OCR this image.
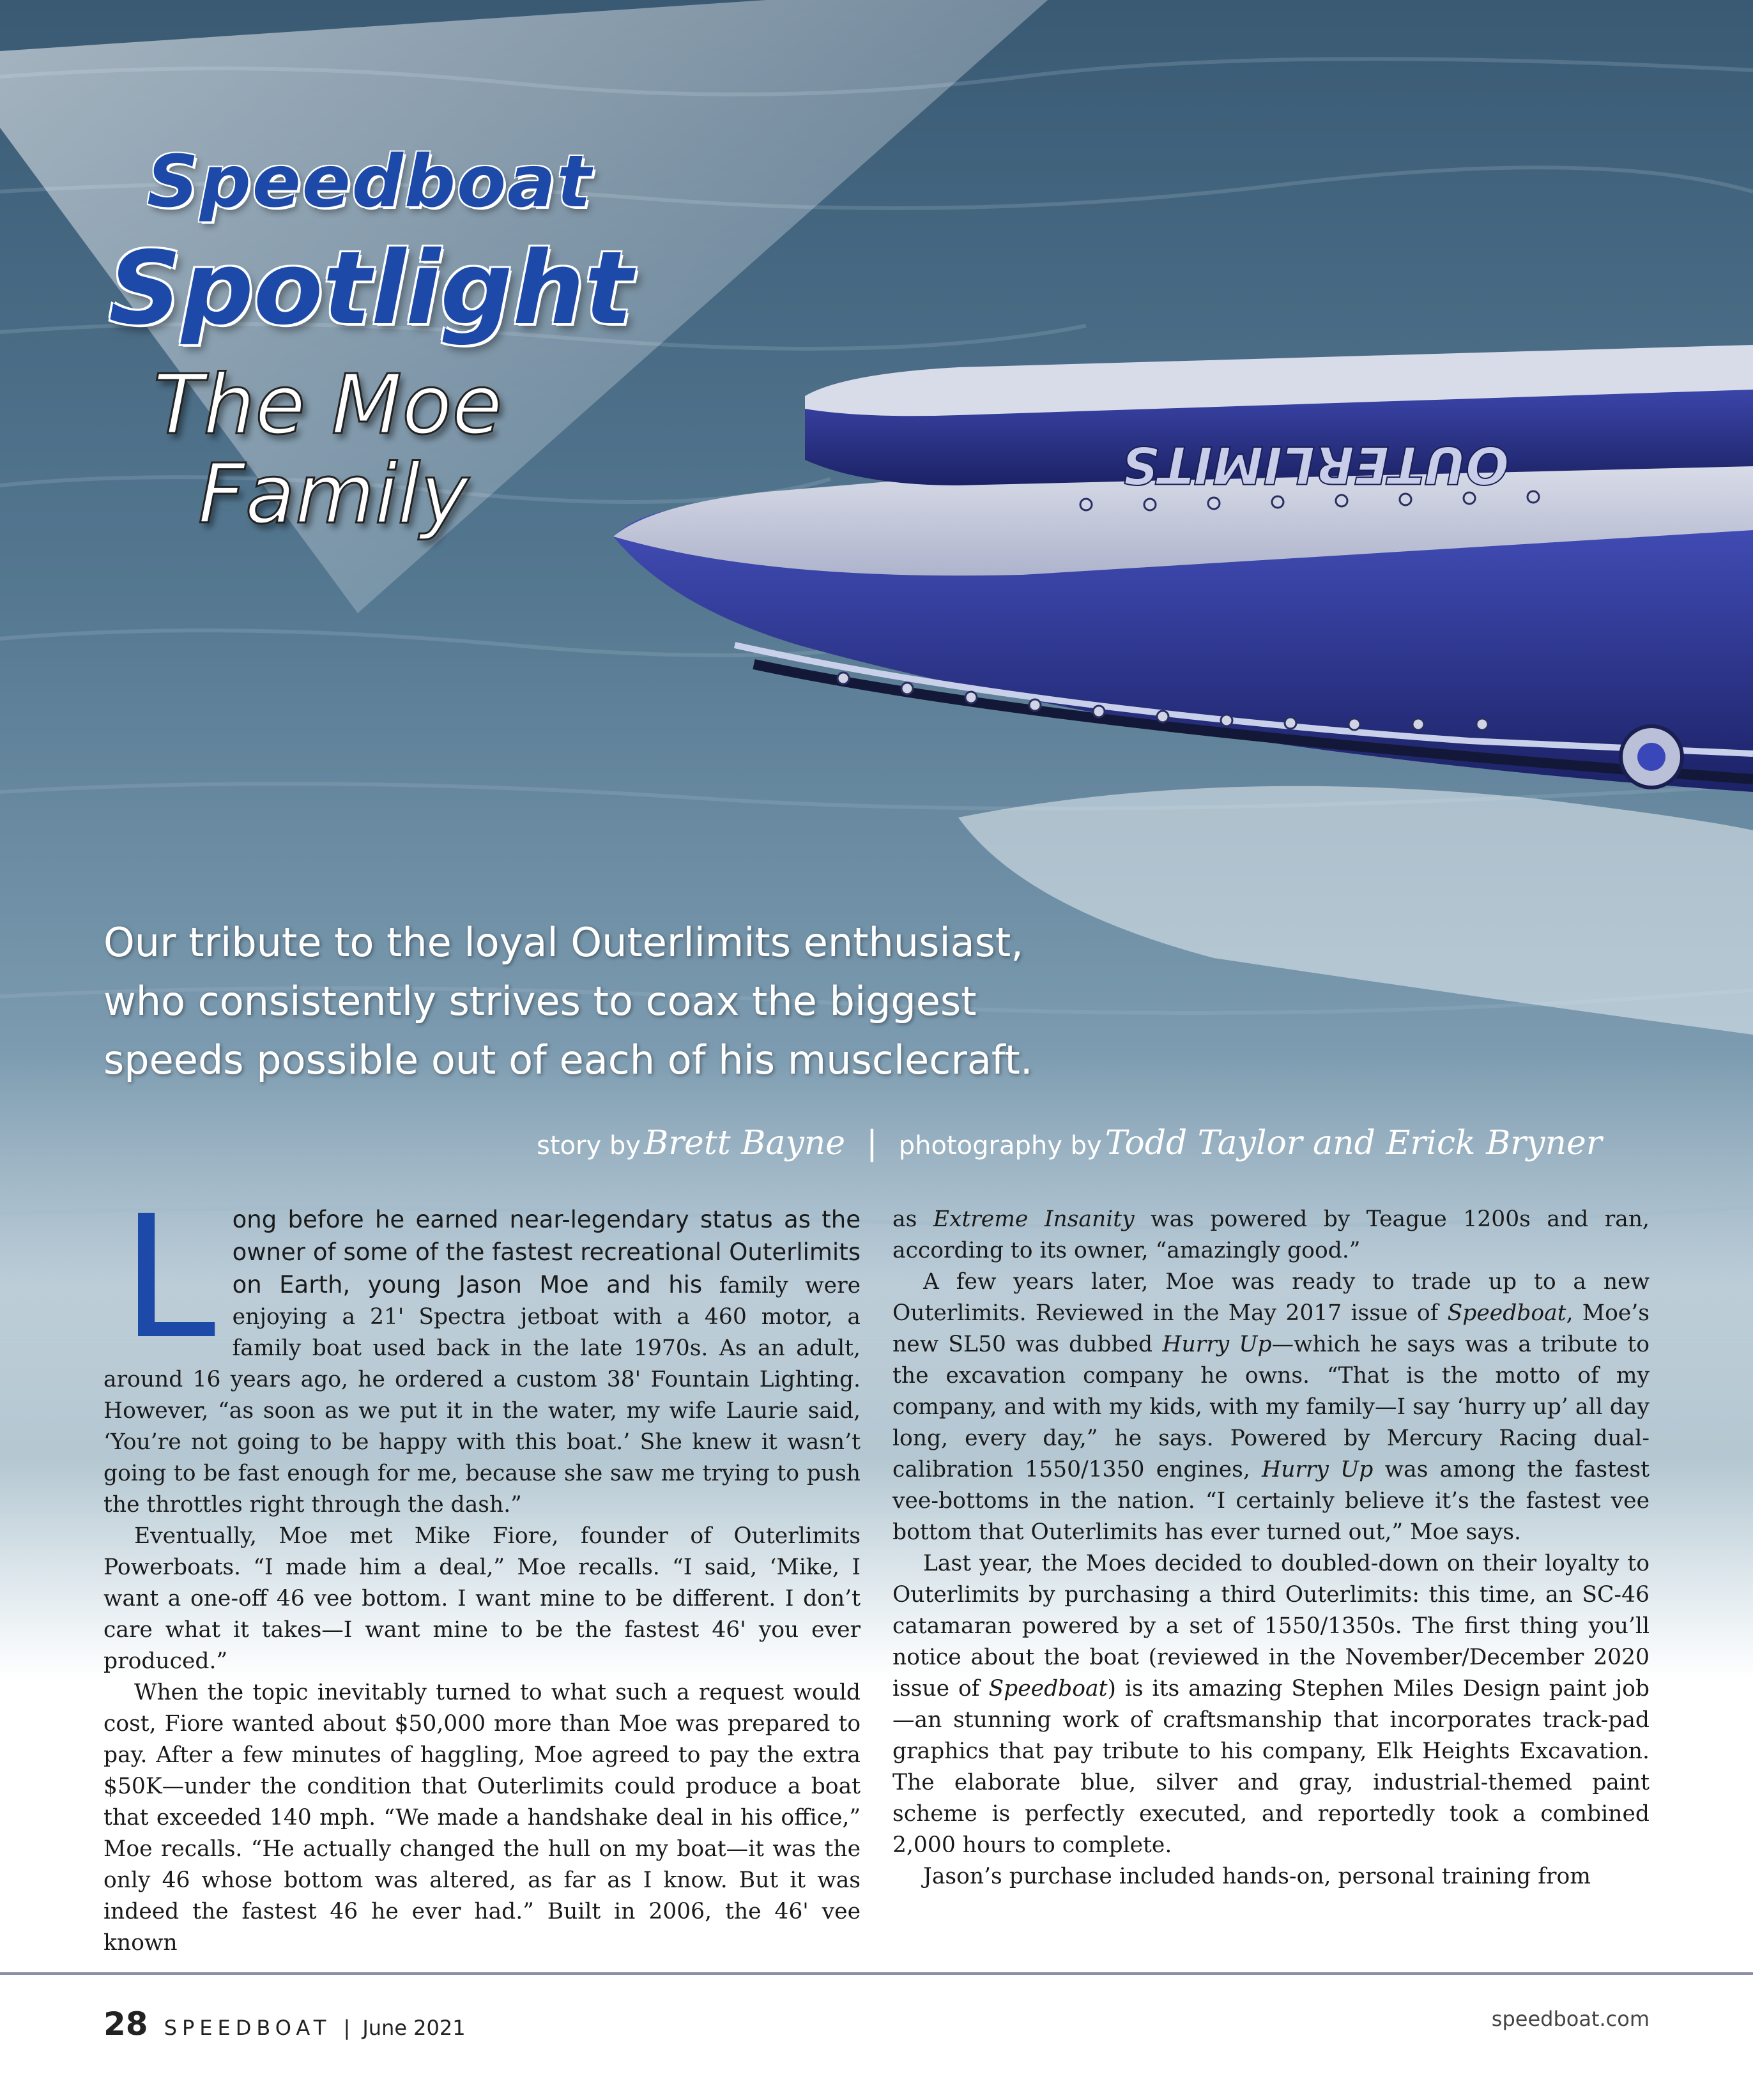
OUTERLIMITS
Speedboat
Spotlight
The Moe
Family
Our tribute to the loyal Outerlimits enthusiast,
who consistently strives to coax the biggest
speeds possible out of each of his musclecraft.
story by Brett Bayne | photography by Todd Taylor and Erick Bryner

Long before he earned near-legendary status as the owner of some of the fastest recreational Outerlimits on Earth, young Jason Moe and his family were enjoying a 21' Spectra jetboat with a 460 motor, a family boat used back in the late 1970s. As an adult, around 16 years ago, he ordered a custom 38' Fountain Lighting. However, “as soon as we put it in the water, my wife Laurie said, ‘You’re not going to be happy with this boat.’ She knew it wasn’t going to be fast enough for me, because she saw me trying to push the throttles right through the dash.”

Eventually, Moe met Mike Fiore, founder of Outerlimits Powerboats. “I made him a deal,” Moe recalls. “I said, ‘Mike, I want a one-off 46 vee bottom. I want mine to be different. I don’t care what it takes—I want mine to be the fastest 46' you ever produced.”

When the topic inevitably turned to what such a request would cost, Fiore wanted about $50,000 more than Moe was prepared to pay. After a few minutes of haggling, Moe agreed to pay the extra $50K—under the condition that Outerlimits could produce a boat that exceeded 140 mph. “We made a handshake deal in his office,” Moe recalls. “He actually changed the hull on my boat—it was the only 46 whose bottom was altered, as far as I know. But it was indeed the fastest 46 he ever had.” Built in 2006, the 46' vee known

as Extreme Insanity was powered by Teague 1200s and ran, according to its owner, “amazingly good.”

A few years later, Moe was ready to trade up to a new Outerlimits. Reviewed in the May 2017 issue of Speedboat, Moe’s new SL50 was dubbed Hurry Up—which he says was a tribute to the excavation company he owns. “That is the motto of my company, and with my kids, with my family—I say ‘hurry up’ all day long, every day,” he says. Powered by Mercury Racing dual-calibration 1550/1350 engines, Hurry Up was among the fastest vee-bottoms in the nation. “I certainly believe it’s the fastest vee bottom that Outerlimits has ever turned out,” Moe says.

Last year, the Moes decided to doubled-down on their loyalty to Outerlimits by purchasing a third Outerlimits: this time, an SC-46 catamaran powered by a set of 1550/1350s. The first thing you’ll notice about the boat (reviewed in the November/December 2020 issue of Speedboat) is its amazing Stephen Miles Design paint job—an stunning work of craftsmanship that incorporates track-pad graphics that pay tribute to his company, Elk Heights Excavation. The elaborate blue, silver and gray, industrial-themed paint scheme is perfectly executed, and reportedly took a combined 2,000 hours to complete.

Jason’s purchase included hands-on, personal training from

28 SPEEDBOAT | June 2021	speedboat.com
